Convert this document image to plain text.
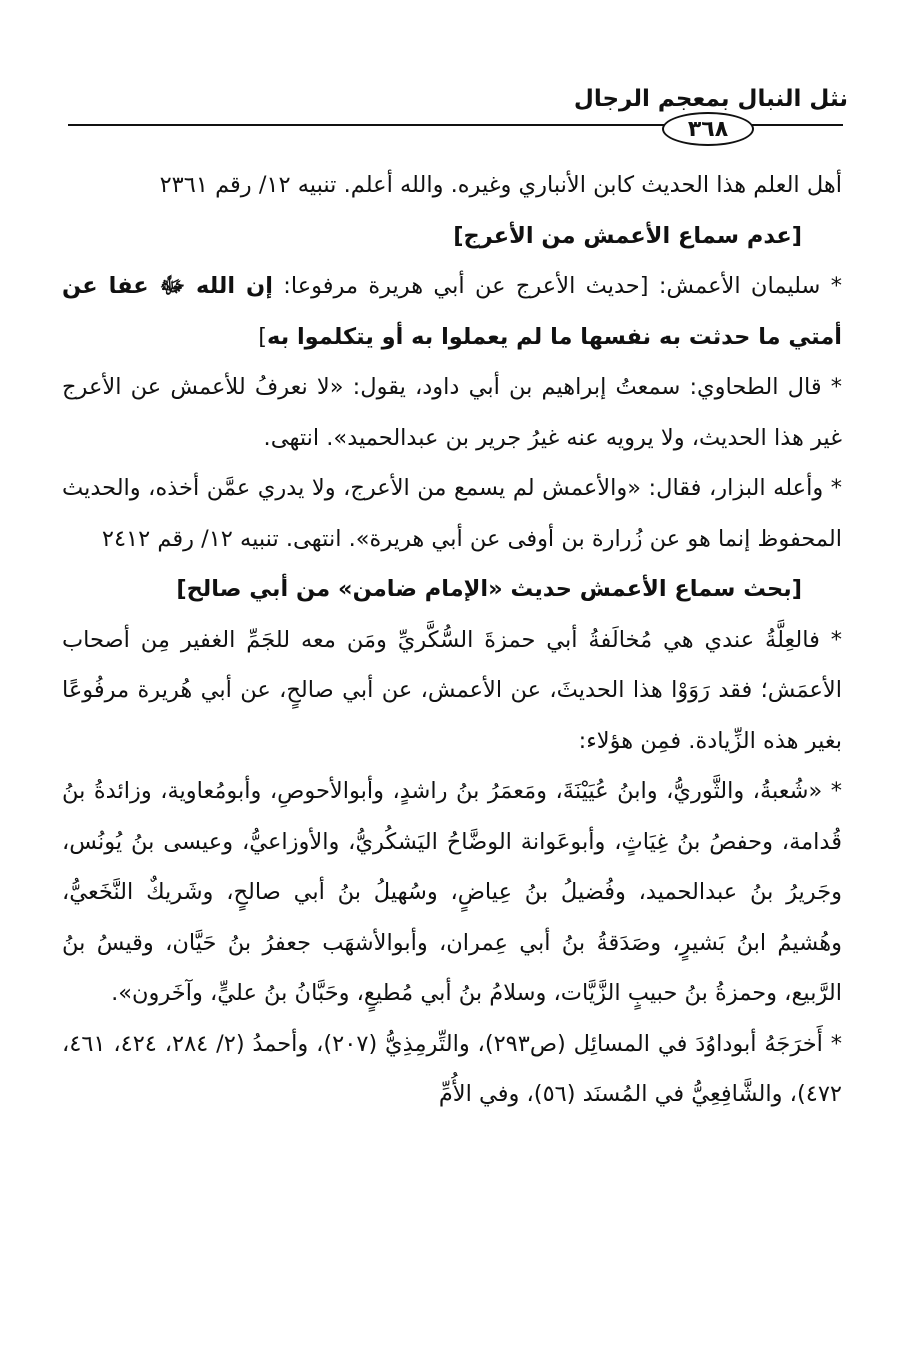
نثل النبال بمعجم الرجال
٣٦٨

أهل العلم هذا الحديث كابن الأنباري وغيره. والله أعلم. تنبيه ١٢/ رقم ٢٣٦١

[عدم سماع الأعمش من الأعرج]

* سليمان الأعمش: [حديث الأعرج عن أبي هريرة مرفوعا: إن الله ﷻ عفا عن أمتي ما حدثت به نفسها ما لم يعملوا به أو يتكلموا به]

* قال الطحاوي: سمعتُ إبراهيم بن أبي داود، يقول: «لا نعرفُ للأعمش عن الأعرج غير هذا الحديث، ولا يرويه عنه غيرُ جرير بن عبدالحميد». انتهى.

* وأعله البزار، فقال: «والأعمش لم يسمع من الأعرج، ولا يدري عمَّن أخذه، والحديث المحفوظ إنما هو عن زُرارة بن أوفى عن أبي هريرة». انتهى. تنبيه ١٢/ رقم ٢٤١٢

[بحث سماع الأعمش حديث «الإمام ضامن» من أبي صالح]

* فالعِلَّةُ عندي هي مُخالَفةُ أبي حمزةَ السُّكَّريِّ ومَن معه للجَمِّ الغفير مِن أصحاب الأعمَش؛ فقد رَوَوْا هذا الحديثَ، عن الأعمش، عن أبي صالحٍ، عن أبي هُريرة مرفُوعًا بغير هذه الزِّيادة. فمِن هؤلاء:

* «شُعبةُ، والثَّوريُّ، وابنُ عُيَيْنَةَ، ومَعمَرُ بنُ راشدٍ، وأبوالأحوصِ، وأبومُعاوية، وزائدةُ بنُ قُدامة، وحفصُ بنُ غِيَاثٍ، وأبوعَوانة الوضَّاحُ اليَشكُريُّ، والأوزاعيُّ، وعيسى بنُ يُونُس، وجَريرُ بنُ عبدالحميد، وفُضيلُ بنُ عِياضٍ، وسُهيلُ بنُ أبي صالحٍ، وشَريكٌ النَّخَعيُّ، وهُشيمُ ابنُ بَشيرٍ، وصَدَقةُ بنُ أبي عِمران، وأبوالأشهَب جعفرُ بنُ حَيَّان، وقيسُ بنُ الرَّبيع، وحمزةُ بنُ حبيبٍ الزَّيَّات، وسلامُ بنُ أبي مُطيعٍ، وحَبَّانُ بنُ عليٍّ، وآخَرون».

* أَخرَجَهُ أبوداوُدَ في المسائِل (ص٢٩٣)، والتِّرمِذِيُّ (٢٠٧)، وأحمدُ (٢/ ٢٨٤، ٤٢٤، ٤٦١، ٤٧٢)، والشَّافِعِيُّ في المُسنَد (٥٦)، وفي الأُمِّ
